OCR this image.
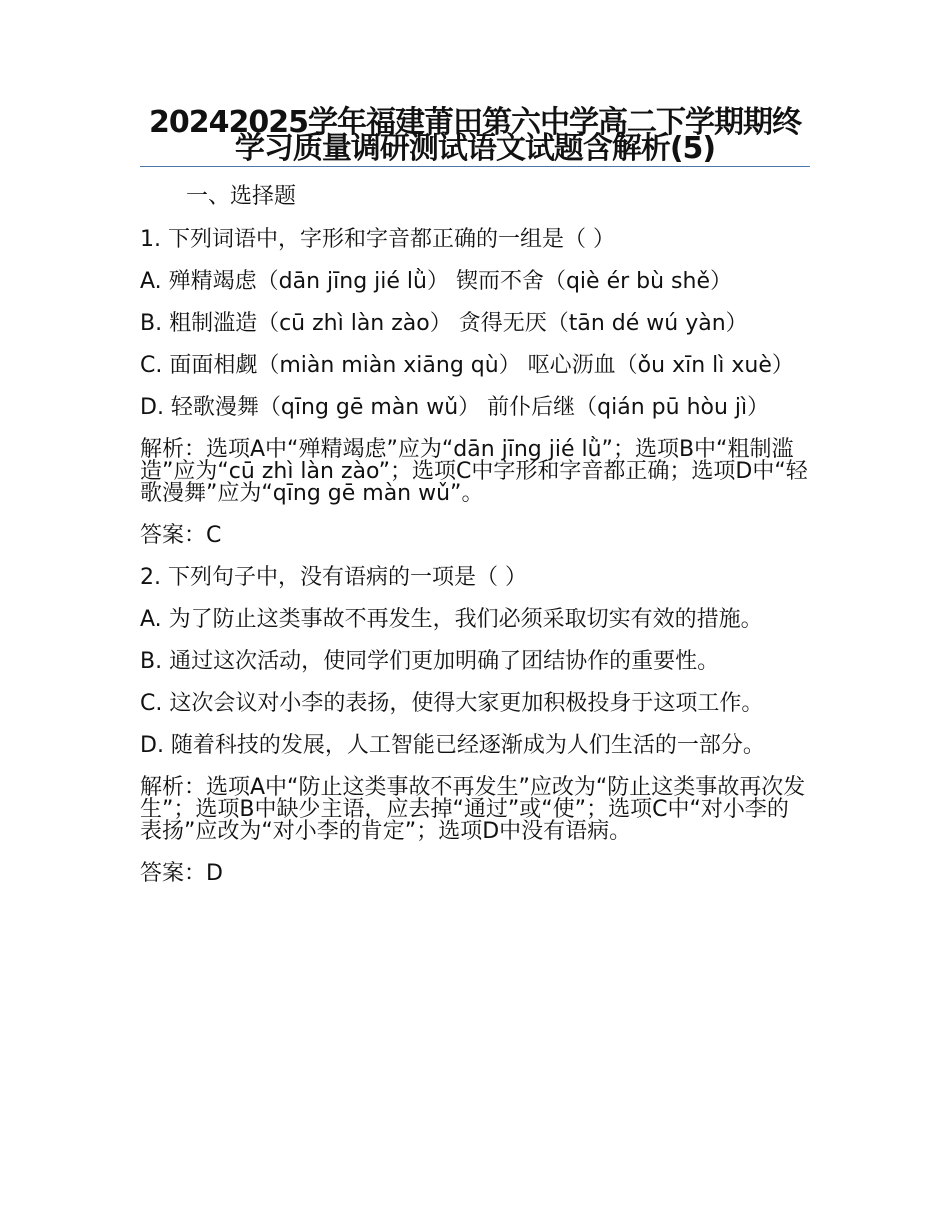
20242025学年福建莆田第六中学高二下学期期终学习质量调研测试语文试题含解析(5)
一、选择题
1. 下列词语中，字形和字音都正确的一组是（ ）
A. 殚精竭虑（dān jīng jié lǜ） 锲而不舍（qiè ér bù shě）
B. 粗制滥造（cū zhì làn zào） 贪得无厌（tān dé wú yàn）
C. 面面相觑（miàn miàn xiāng qù） 呕心沥血（ǒu xīn lì xuè）
D. 轻歌漫舞（qīng gē màn wǔ） 前仆后继（qián pū hòu jì）
解析：选项A中“殚精竭虑”应为“dān jīng jié lǜ”；选项B中“粗制滥造”应为“cū zhì làn zào”；选项C中字形和字音都正确；选项D中“轻歌漫舞”应为“qīng gē màn wǔ”。
答案：C
2. 下列句子中，没有语病的一项是（ ）
A. 为了防止这类事故不再发生，我们必须采取切实有效的措施。
B. 通过这次活动，使同学们更加明确了团结协作的重要性。
C. 这次会议对小李的表扬，使得大家更加积极投身于这项工作。
D. 随着科技的发展，人工智能已经逐渐成为人们生活的一部分。
解析：选项A中“防止这类事故不再发生”应改为“防止这类事故再次发生”；选项B中缺少主语，应去掉“通过”或“使”；选项C中“对小李的表扬”应改为“对小李的肯定”；选项D中没有语病。
答案：D
